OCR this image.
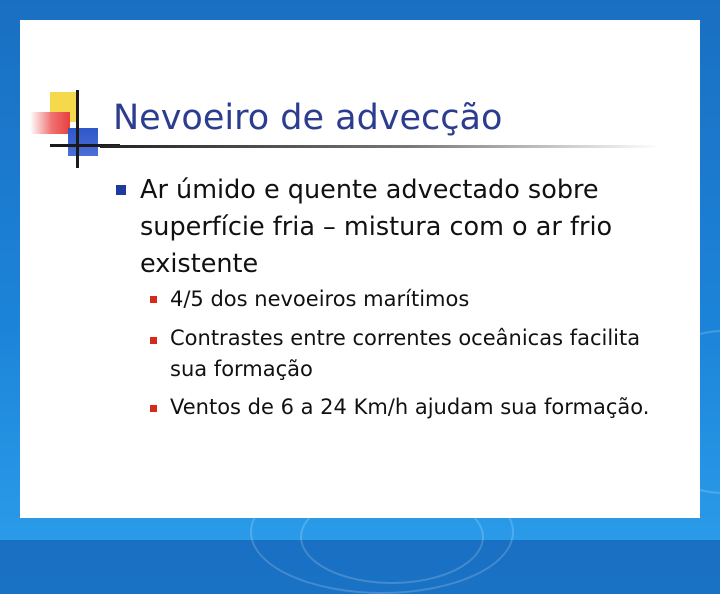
Nevoeiro de advecção
Ar úmido e quente advectado sobre superfície fria – mistura com o ar frio existente
4/5 dos nevoeiros marítimos
Contrastes entre correntes oceânicas facilita sua formação
Ventos de 6 a 24 Km/h ajudam sua formação.
